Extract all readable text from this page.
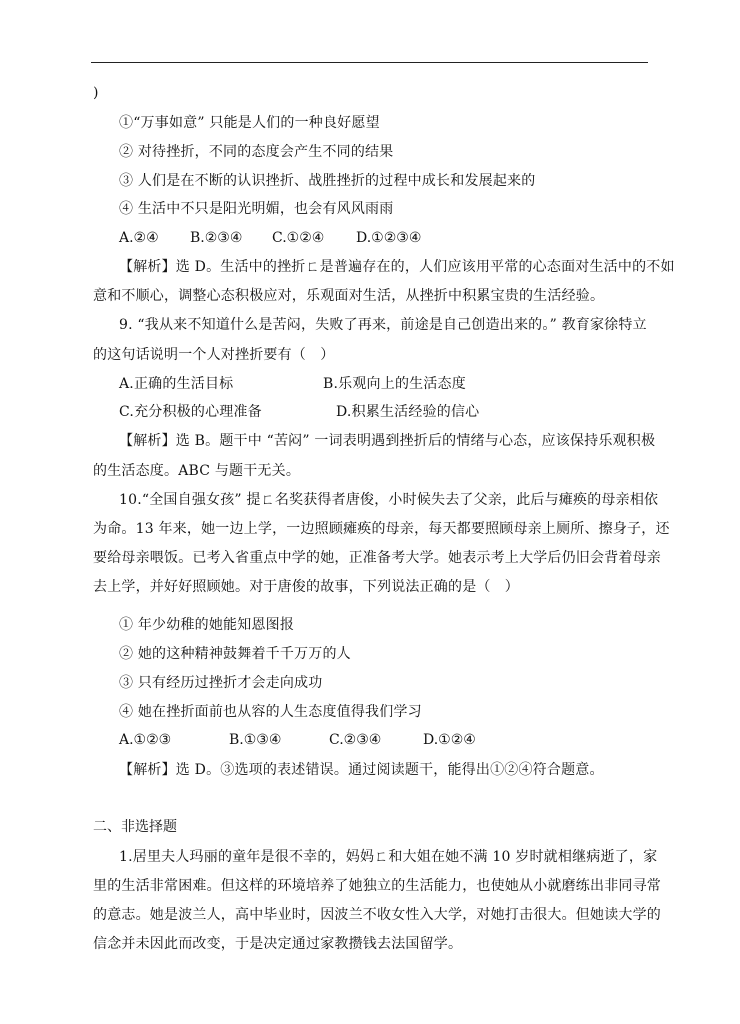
)
①“万事如意” 只能是人们的一种良好愿望
② 对待挫折，不同的态度会产生不同的结果
③ 人们是在不断的认识挫折、战胜挫折的过程中成长和发展起来的
④ 生活中不只是阳光明媚，也会有风风雨雨
A.②④ B.②③④ C.①②④ D.①②③④
【解析】选 D。生活中的挫折ㄈ是普遍存在的，人们应该用平常的心态面对生活中的不如
意和不顺心，调整心态积极应对，乐观面对生活，从挫折中积累宝贵的生活经验。
9. “我从来不知道什么是苦闷，失败了再来，前途是自己创造出来的。” 教育家徐特立
的这句话说明一个人对挫折要有（　）
A.正确的生活目标	B.乐观向上的生活态度
C.充分积极的心理准备	D.积累生活经验的信心
【解析】选 B。题干中 “苦闷” 一词表明遇到挫折后的情绪与心态，应该保持乐观积极
的生活态度。ABC 与题干无关。
10.“全国自强女孩” 提ㄈ名奖获得者唐俊，小时候失去了父亲，此后与瘫痪的母亲相依
为命。13 年来，她一边上学，一边照顾瘫痪的母亲，每天都要照顾母亲上厕所、擦身子，还
要给母亲喂饭。已考入省重点中学的她，正准备考大学。她表示考上大学后仍旧会背着母亲
去上学，并好好照顾她。对于唐俊的故事，下列说法正确的是（　）
① 年少幼稚的她能知恩图报
② 她的这种精神鼓舞着千千万万的人
③ 只有经历过挫折才会走向成功
④ 她在挫折面前也从容的人生态度值得我们学习
A.①②③	B.①③④	C.②③④	D.①②④
【解析】选 D。③选项的表述错误。通过阅读题干，能得出①②④符合题意。
二、非选择题
1.居里夫人玛丽的童年是很不幸的，妈妈ㄈ和大姐在她不满 10 岁时就相继病逝了，家
里的生活非常困难。但这样的环境培养了她独立的生活能力，也使她从小就磨练出非同寻常
的意志。她是波兰人，高中毕业时，因波兰不收女性入大学，对她打击很大。但她读大学的
信念并未因此而改变，于是决定通过家教攒钱去法国留学。
